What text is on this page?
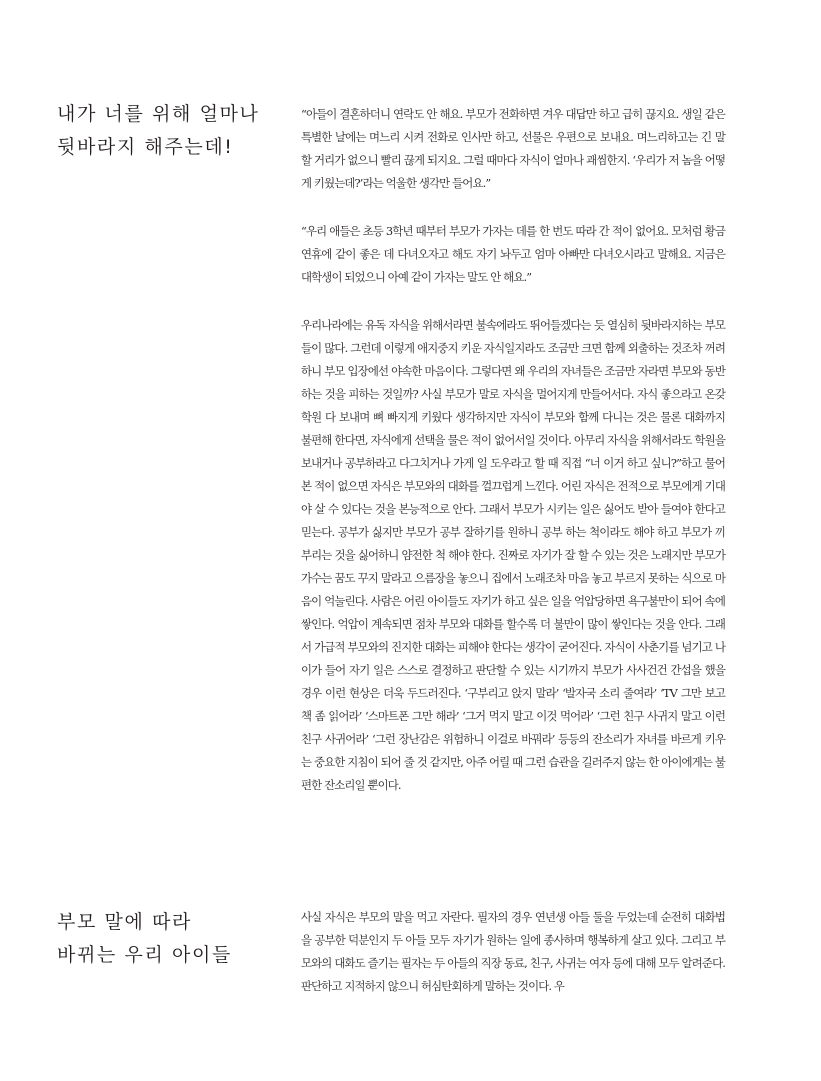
내가 너를 위해 얼마나
뒷바라지 해주는데!

“아들이 결혼하더니 연락도 안 해요. 부모가 전화하면 겨우 대답만 하고 급히 끊지요. 생일 같은 특별한 날에는 며느리 시켜 전화로 인사만 하고, 선물은 우편으로 보내요. 며느리하고는 긴 말할 거리가 없으니 빨리 끊게 되지요. 그럴 때마다 자식이 얼마나 괘씸한지. ‘우리가 저 놈을 어떻게 키웠는데?’라는 억울한 생각만 들어요.”

“우리 애들은 초등 3학년 때부터 부모가 가자는 데를 한 번도 따라 간 적이 없어요. 모처럼 황금연휴에 같이 좋은 데 다녀오자고 해도 자기 놔두고 엄마 아빠만 다녀오시라고 말해요. 지금은 대학생이 되었으니 아예 같이 가자는 말도 안 해요.”

우리나라에는 유독 자식을 위해서라면 불속에라도 뛰어들겠다는 듯 열심히 뒷바라지하는 부모들이 많다. 그런데 이렇게 애지중지 키운 자식일지라도 조금만 크면 함께 외출하는 것조차 꺼려하니 부모 입장에선 야속한 마음이다. 그렇다면 왜 우리의 자녀들은 조금만 자라면 부모와 동반하는 것을 피하는 것일까? 사실 부모가 말로 자식을 멀어지게 만들어서다. 자식 좋으라고 온갖 학원 다 보내며 뼈 빠지게 키웠다 생각하지만 자식이 부모와 함께 다니는 것은 물론 대화까지 불편해 한다면, 자식에게 선택을 물은 적이 없어서일 것이다. 아무리 자식을 위해서라도 학원을 보내거나 공부하라고 다그치거나 가게 일 도우라고 할 때 직접 “너 이거 하고 싶니?”하고 물어본 적이 없으면 자식은 부모와의 대화를 껄끄럽게 느낀다. 어린 자식은 전적으로 부모에게 기대야 살 수 있다는 것을 본능적으로 안다. 그래서 부모가 시키는 일은 싫어도 받아 들여야 한다고 믿는다. 공부가 싫지만 부모가 공부 잘하기를 원하니 공부 하는 척이라도 해야 하고 부모가 끼 부리는 것을 싫어하니 얌전한 척 해야 한다. 진짜로 자기가 잘 할 수 있는 것은 노래지만 부모가 가수는 꿈도 꾸지 말라고 으름장을 놓으니 집에서 노래조차 마음 놓고 부르지 못하는 식으로 마음이 억눌린다. 사람은 어린 아이들도 자기가 하고 싶은 일을 억압당하면 욕구불만이 되어 속에 쌓인다. 억압이 계속되면 점차 부모와 대화를 할수록 더 불만이 많이 쌓인다는 것을 안다. 그래서 가급적 부모와의 진지한 대화는 피해야 한다는 생각이 굳어진다. 자식이 사춘기를 넘기고 나이가 들어 자기 일은 스스로 결정하고 판단할 수 있는 시기까지 부모가 사사건건 간섭을 했을 경우 이런 현상은 더욱 두드러진다. ‘구부리고 앉지 말라’ ‘발자국 소리 줄여라’ ‘TV 그만 보고 책 좀 읽어라’ ‘스마트폰 그만 해라’ ‘그거 먹지 말고 이것 먹어라’ ‘그런 친구 사귀지 말고 이런 친구 사귀어라’ ‘그런 장난감은 위험하니 이걸로 바꿔라’ 등등의 잔소리가 자녀를 바르게 키우는 중요한 지침이 되어 줄 것 같지만, 아주 어릴 때 그런 습관을 길러주지 않는 한 아이에게는 불편한 잔소리일 뿐이다.

부모 말에 따라
바뀌는 우리 아이들

사실 자식은 부모의 말을 먹고 자란다. 필자의 경우 연년생 아들 둘을 두었는데 순전히 대화법을 공부한 덕분인지 두 아들 모두 자기가 원하는 일에 종사하며 행복하게 살고 있다. 그리고 부모와의 대화도 즐기는 필자는 두 아들의 직장 동료, 친구, 사귀는 여자 등에 대해 모두 알려준다. 판단하고 지적하지 않으니 허심탄회하게 말하는 것이다. 우
